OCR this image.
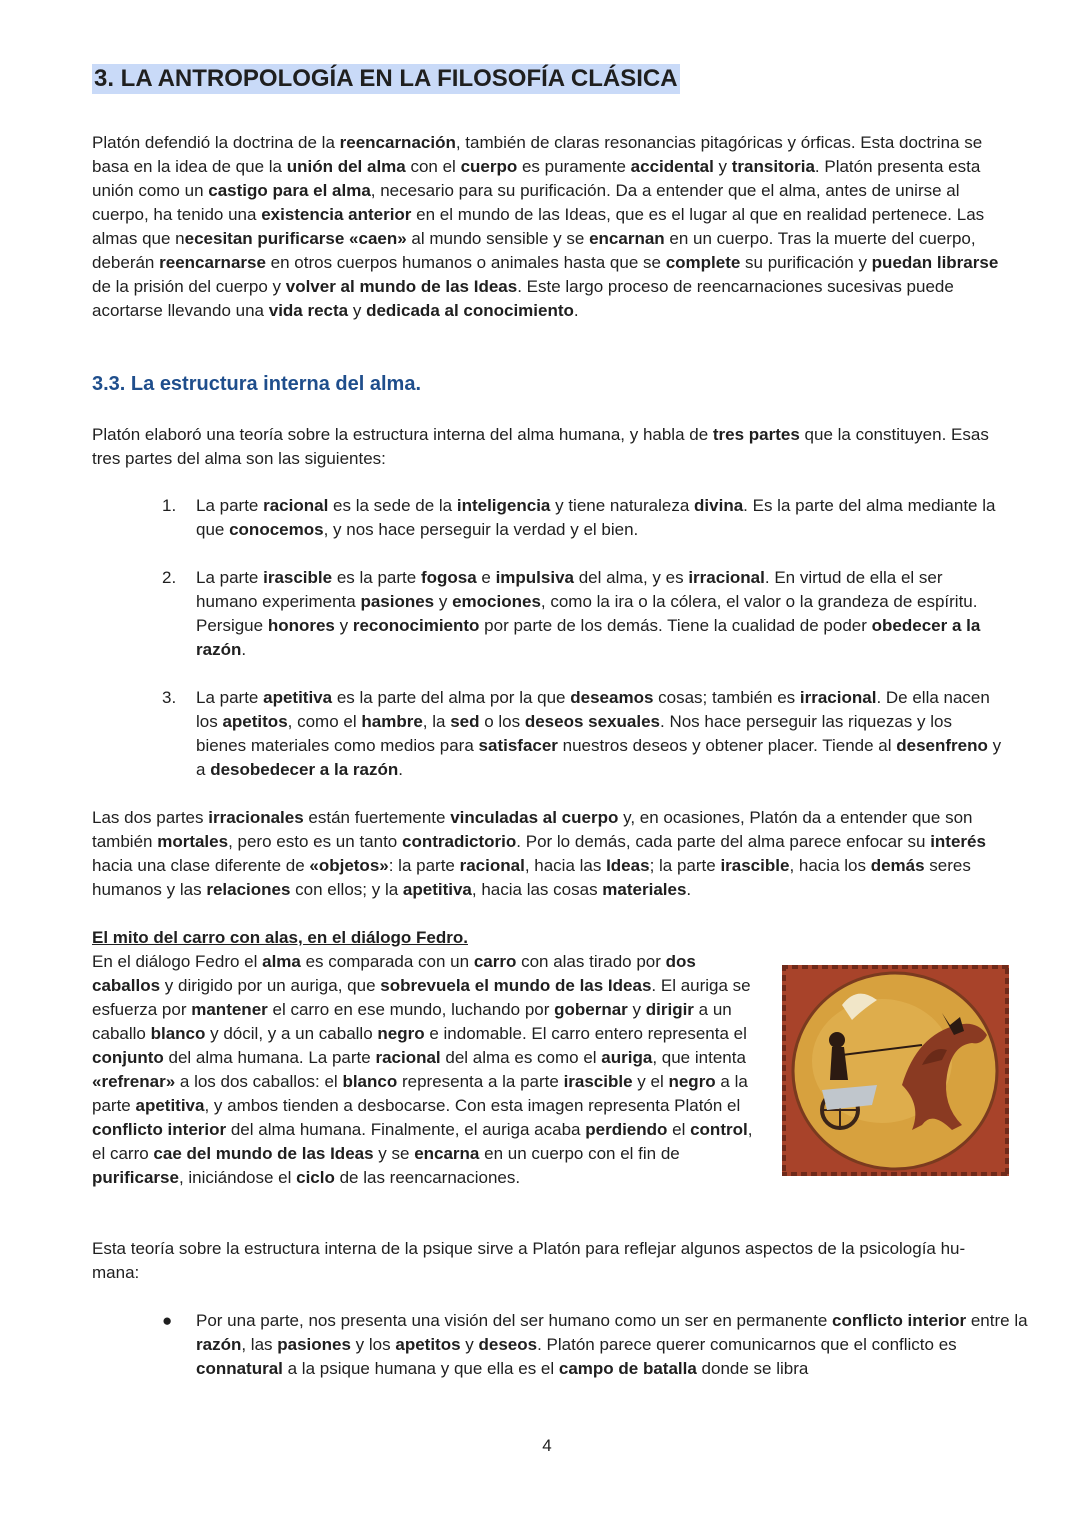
3. LA ANTROPOLOGÍA EN LA FILOSOFÍA CLÁSICA

Platón defendió la doctrina de la reencarnación, también de claras resonancias pitagóricas y órficas. Esta doctrina se basa en la idea de que la unión del alma con el cuerpo es puramente accidental y transitoria. Platón presenta esta unión como un castigo para el alma, necesario para su purificación. Da a entender que el alma, antes de unirse al cuerpo, ha tenido una existencia anterior en el mundo de las Ideas, que es el lugar al que en realidad pertenece. Las almas que necesitan purificarse «caen» al mundo sensible y se encarnan en un cuerpo. Tras la muerte del cuerpo, deberán reencarnarse en otros cuerpos humanos o animales hasta que se complete su purificación y puedan librarse de la prisión del cuerpo y volver al mundo de las Ideas. Este largo proceso de reencarnaciones sucesivas puede acortarse llevando una vida recta y dedicada al conocimiento.

3.3. La estructura interna del alma.

Platón elaboró una teoría sobre la estructura interna del alma humana, y habla de tres partes que la constituyen. Esas tres partes del alma son las siguientes:

1. La parte racional es la sede de la inteligencia y tiene naturaleza divina. Es la parte del alma mediante la que conocemos, y nos hace perseguir la verdad y el bien.
2. La parte irascible es la parte fogosa e impulsiva del alma, y es irracional. En virtud de ella el ser humano experimenta pasiones y emociones, como la ira o la cólera, el valor o la grandeza de espíritu. Persigue honores y reconocimiento por parte de los demás. Tiene la cualidad de poder obedecer a la razón.
3. La parte apetitiva es la parte del alma por la que deseamos cosas; también es irracional. De ella nacen los apetitos, como el hambre, la sed o los deseos sexuales. Nos hace perseguir las riquezas y los bienes materiales como medios para satisfacer nuestros deseos y obtener placer. Tiende al desenfreno y a desobedecer a la razón.

Las dos partes irracionales están fuertemente vinculadas al cuerpo y, en ocasiones, Platón da a entender que son también mortales, pero esto es un tanto contradictorio. Por lo demás, cada parte del alma parece enfocar su interés hacia una clase diferente de «objetos»: la parte racional, hacia las Ideas; la parte irascible, hacia los demás seres humanos y las relaciones con ellos; y la apetitiva, hacia las cosas materiales.

El mito del carro con alas, en el diálogo Fedro.
En el diálogo Fedro el alma es comparada con un carro con alas tirado por dos caballos y dirigido por un auriga, que sobrevuela el mundo de las Ideas. El auriga se esfuerza por mantener el carro en ese mundo, luchando por gobernar y dirigir a un caballo blanco y dócil, y a un caballo negro e indomable. El carro entero representa el conjunto del alma humana. La parte racional del alma es como el auriga, que intenta «refrenar» a los dos caballos: el blanco representa a la parte irascible y el negro a la parte apetitiva, y ambos tienden a desbocarse. Con esta imagen representa Platón el conflicto interior del alma humana. Finalmente, el auriga acaba perdiendo el control, el carro cae del mundo de las Ideas y se encarna en un cuerpo con el fin de purificarse, iniciándose el ciclo de las reencarnaciones.

Esta teoría sobre la estructura interna de la psique sirve a Platón para reflejar algunos aspectos de la psicología hu-
mana:

● Por una parte, nos presenta una visión del ser humano como un ser en permanente conflicto interior entre la razón, las pasiones y los apetitos y deseos. Platón parece querer comunicarnos que el conflicto es connatural a la psique humana y que ella es el campo de batalla donde se libra

4
